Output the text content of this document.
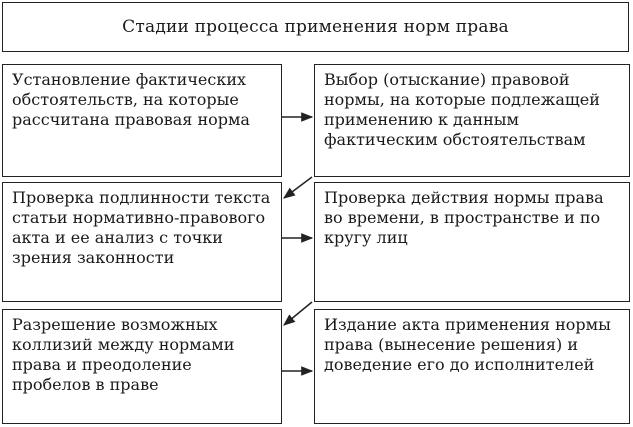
Стадии процесса применения норм права
Установление фактических обстоятельств, на которые рассчитана правовая норма
Выбор (отыскание) правовой нормы, на которые подлежащей применению к данным фактическим обстоятельствам
Проверка подлинности текста статьи нормативно-правового акта и ее анализ с точки зрения законности
Проверка действия нормы права во времени, в пространстве и по кругу лиц
Разрешение возможных коллизий между нормами права и преодоление пробелов в праве
Издание акта применения нормы права (вынесение решения) и доведение его до исполнителей
